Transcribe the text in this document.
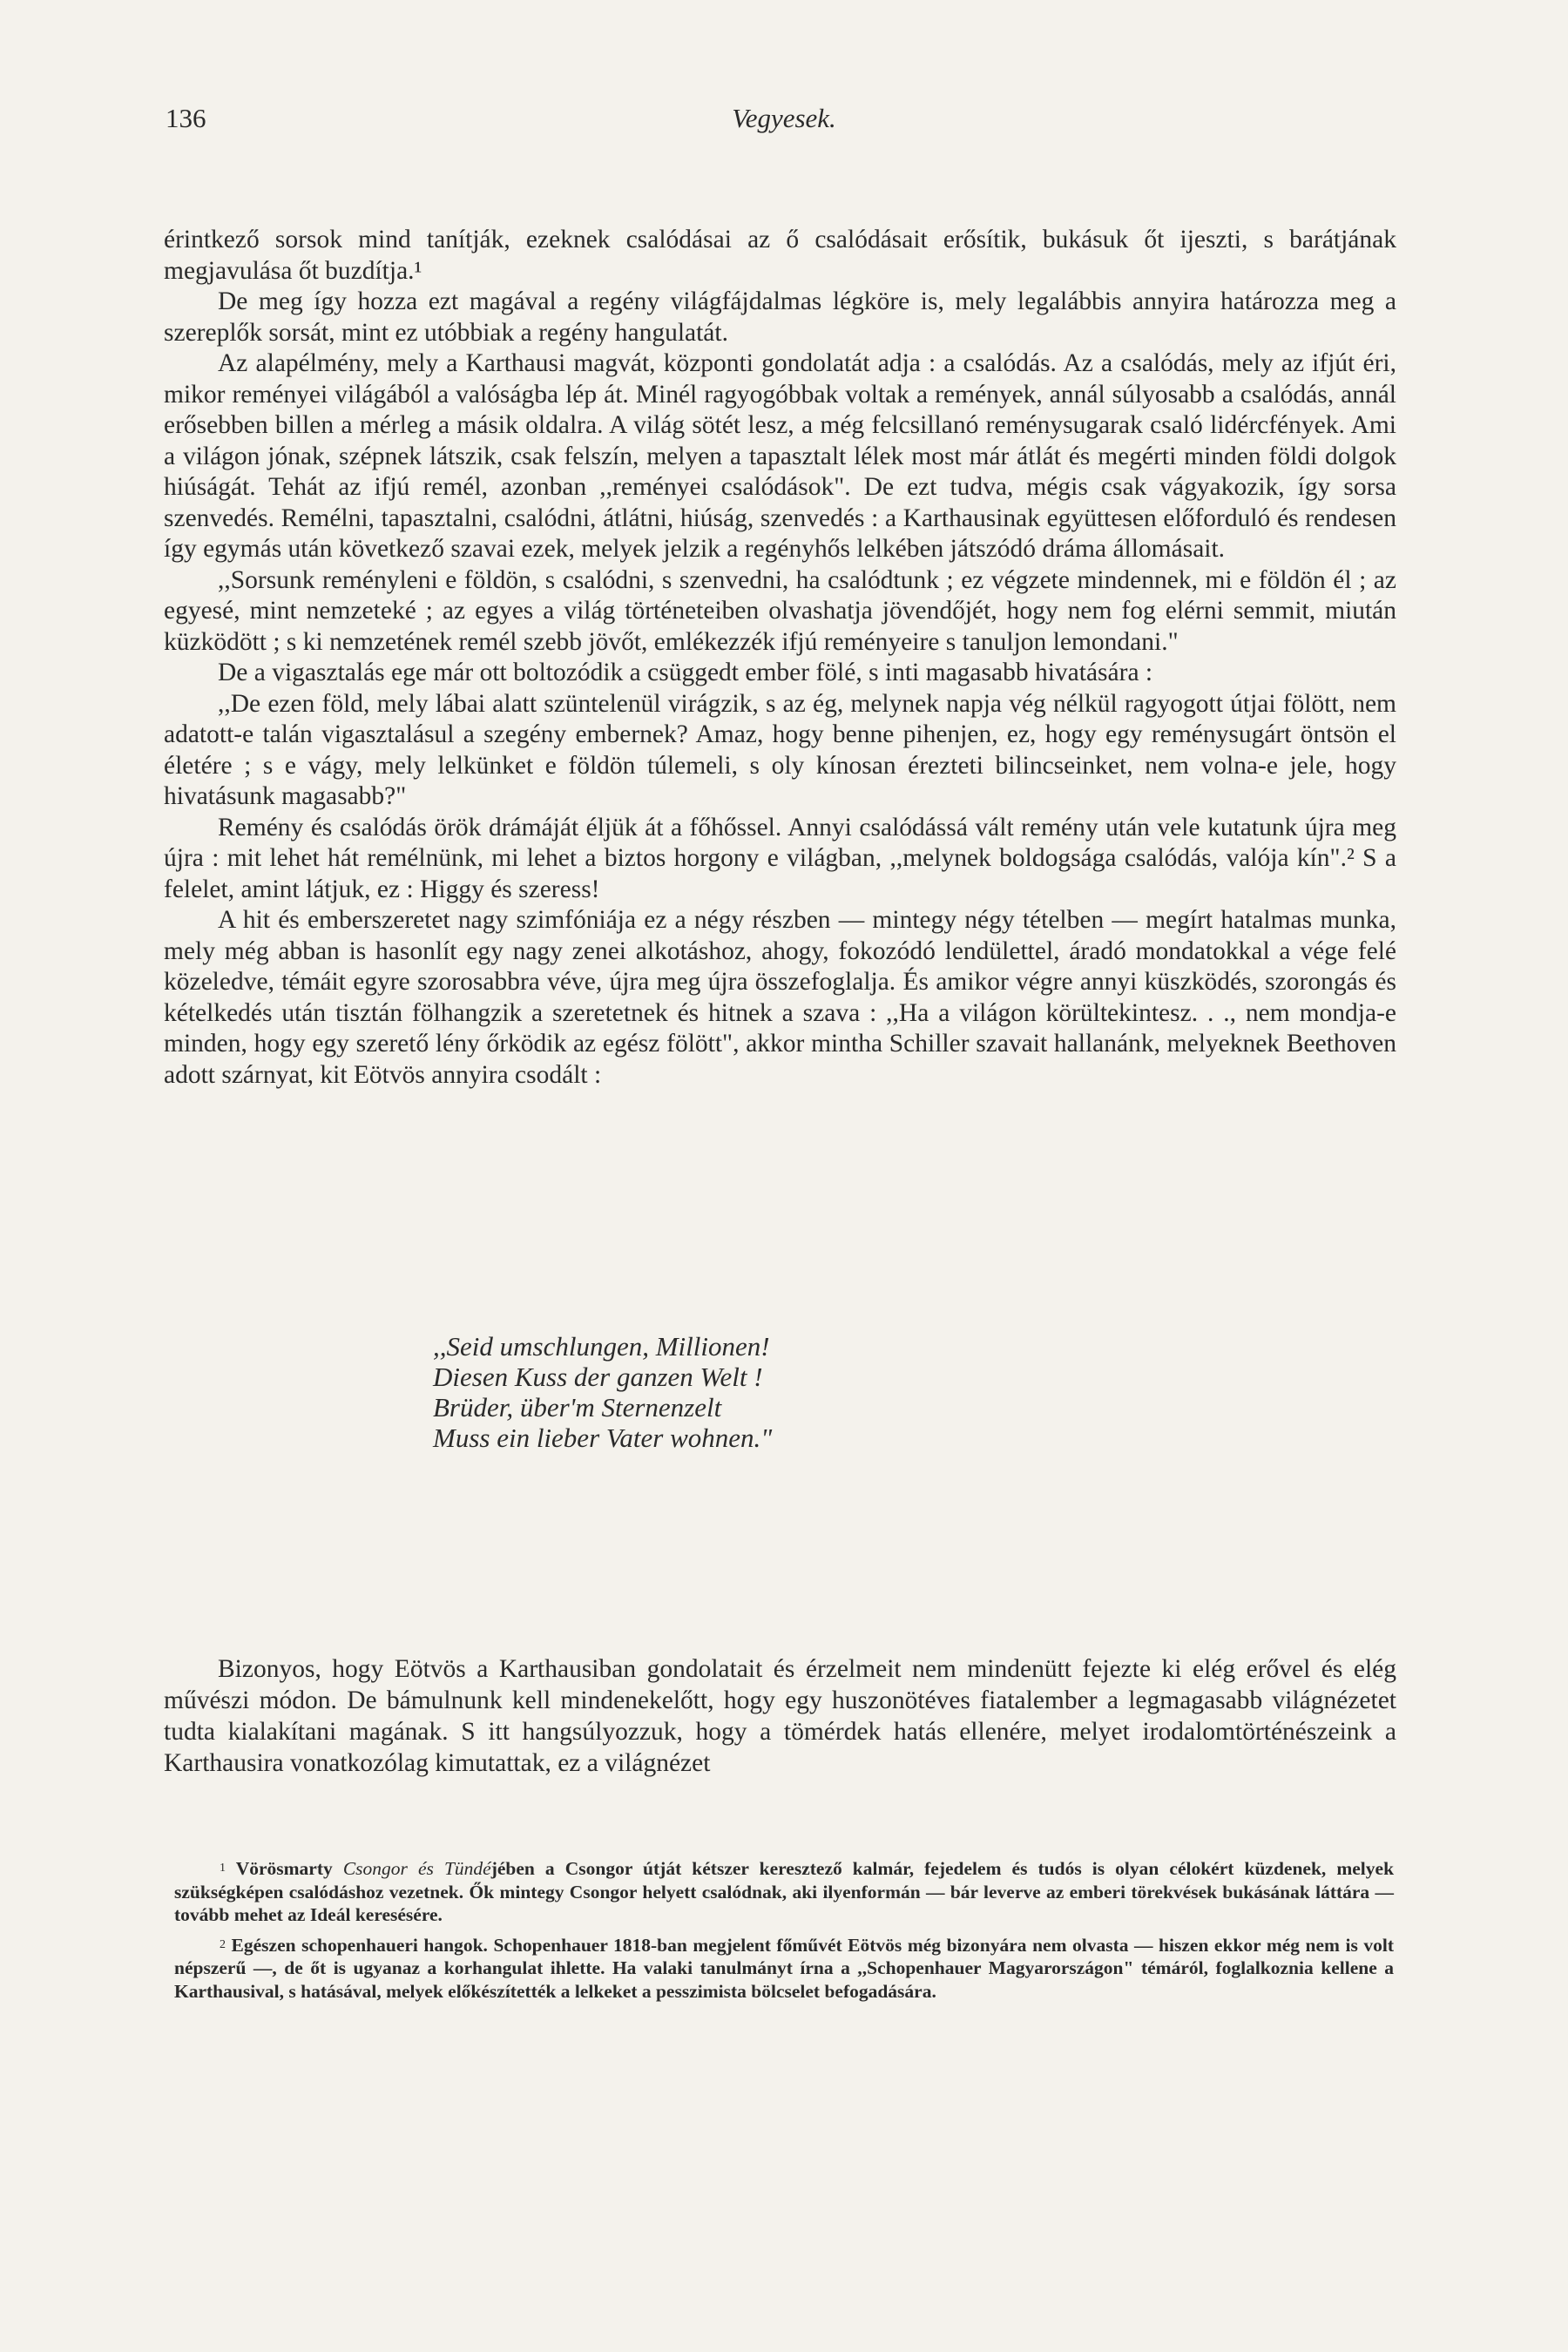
136	Vegyesek.

érintkező sorsok mind tanítják, ezeknek csalódásai az ő csalódásait erősítik, bukásuk őt ijeszti, s barátjának megjavulása őt buzdítja.¹

De meg így hozza ezt magával a regény világfájdalmas légköre is, mely legalábbis annyira határozza meg a szereplők sorsát, mint ez utóbbiak a regény hangulatát.

Az alapélmény, mely a Karthausi magvát, központi gondolatát adja : a csalódás. Az a csalódás, mely az ifjút éri, mikor reményei világából a valóságba lép át. Minél ragyogóbbak voltak a remények, annál súlyosabb a csalódás, annál erősebben billen a mérleg a másik oldalra. A világ sötét lesz, a még felcsillanó reménysugarak csaló lidércfények. Ami a világon jónak, szépnek látszik, csak felszín, melyen a tapasztalt lélek most már átlát és megérti minden földi dolgok hiúságát. Tehát az ifjú remél, azonban ,,reményei csalódások". De ezt tudva, mégis csak vágyakozik, így sorsa szenvedés. Remélni, tapasztalni, csalódni, átlátni, hiúság, szenvedés : a Karthausinak együttesen előforduló és rendesen így egymás után következő szavai ezek, melyek jelzik a regényhős lelkében játszódó dráma állomásait.

,,Sorsunk reményleni e földön, s csalódni, s szenvedni, ha csalódtunk ; ez végzete mindennek, mi e földön él ; az egyesé, mint nemzeteké ; az egyes a világ történeteiben olvashatja jövendőjét, hogy nem fog elérni semmit, miután küzködött ; s ki nemzetének remél szebb jövőt, emlékezzék ifjú reményeire s tanuljon lemondani."

De a vigasztalás ege már ott boltozódik a csüggedt ember fölé, s inti magasabb hivatására :

,,De ezen föld, mely lábai alatt szüntelenül virágzik, s az ég, melynek napja vég nélkül ragyogott útjai fölött, nem adatott-e talán vigasztalásul a szegény embernek? Amaz, hogy benne pihenjen, ez, hogy egy reménysugárt öntsön el életére ; s e vágy, mely lelkünket e földön túlemeli, s oly kínosan érezteti bilincseinket, nem volna-e jele, hogy hivatásunk magasabb?"

Remény és csalódás örök drámáját éljük át a főhőssel. Annyi csalódássá vált remény után vele kutatunk újra meg újra : mit lehet hát remélnünk, mi lehet a biztos horgony e világban, ,,melynek boldogsága csalódás, valója kín".² S a felelet, amint látjuk, ez : Higgy és szeress!

A hit és emberszeretet nagy szimfóniája ez a négy részben — mintegy négy tételben — megírt hatalmas munka, mely még abban is hasonlít egy nagy zenei alkotáshoz, ahogy, fokozódó lendülettel, áradó mondatokkal a vége felé közeledve, témáit egyre szorosabbra véve, újra meg újra összefoglalja. És amikor végre annyi küszködés, szorongás és kételkedés után tisztán fölhangzik a szeretetnek és hitnek a szava : ,,Ha a világon körültekintesz. . ., nem mondja-e minden, hogy egy szerető lény őrködik az egész fölött", akkor mintha Schiller szavait hallanánk, melyeknek Beethoven adott szárnyat, kit Eötvös annyira csodált :

,,Seid umschlungen, Millionen!
Diesen Kuss der ganzen Welt !
Brüder, über'm Sternenzelt
Muss ein lieber Vater wohnen."

Bizonyos, hogy Eötvös a Karthausiban gondolatait és érzelmeit nem mindenütt fejezte ki elég erővel és elég művészi módon. De bámulnunk kell mindenekelőtt, hogy egy huszonötéves fiatalember a legmagasabb világnézetet tudta kialakítani magának. S itt hangsúlyozzuk, hogy a tömérdek hatás ellenére, melyet irodalomtörténészeink a Karthausira vonatkozólag kimutattak, ez a világnézet

1 Vörösmarty Csongor és Tündéjében a Csongor útját kétszer keresztező kalmár, fejedelem és tudós is olyan célokért küzdenek, melyek szükségképen csalódáshoz vezetnek. Ők mintegy Csongor helyett csalódnak, aki ilyenformán — bár leverve az emberi törekvések bukásának láttára — tovább mehet az Ideál keresésére.

2 Egészen schopenhaueri hangok. Schopenhauer 1818-ban megjelent főművét Eötvös még bizonyára nem olvasta — hiszen ekkor még nem is volt népszerű —, de őt is ugyanaz a korhangulat ihlette. Ha valaki tanulmányt írna a ,,Schopenhauer Magyarországon" témáról, foglalkoznia kellene a Karthausival, s hatásával, melyek előkészítették a lelkeket a pesszimista bölcselet befogadására.
